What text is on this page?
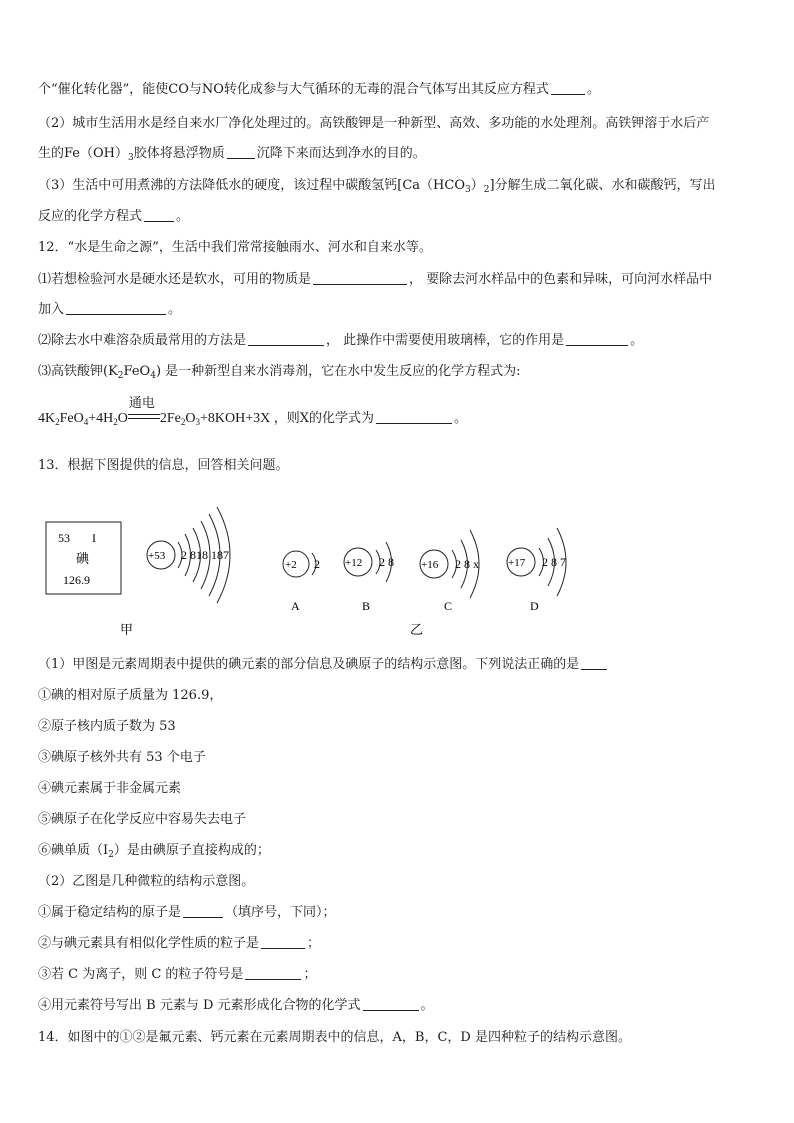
个“催化转化器”，能使CO与NO转化成参与大气循环的无毒的混合气体写出其反应方程式	。
（2）城市生活用水是经自来水厂净化处理过的。高铁酸钾是一种新型、高效、多功能的水处理剂。高铁钾溶于水后产
生的$Fe(OH)_3$胶体将悬浮物质 沉降下来而达到净水的目的。
（3）生活中可用煮沸的方法降低水的硬度，该过程中碳酸氢钙$[Ca(HCO_3)_2]$分解生成二氧化碳、水和碳酸钙，写出
反应的化学方程式	。
12．“水是生命之源”，生活中我们常常接触雨水、河水和自来水等。
⑴若想检验河水是硬水还是软水，可用的物质是	， 要除去河水样品中的色素和异味，可向河水样品中
加入	。
⑵除去水中难溶杂质最常用的方法是	， 此操作中需要使用玻璃棒，它的作用是	。
⑶高铁酸钾$(K_2FeO_4)$ 是一种新型自来水消毒剂，它在水中发生反应的化学方程式为:
$4K_2FeO_4+4H_2O$
通电
$2Fe_2O_3+8KOH+3X$ ，则X的化学式为	。
13．根据下图提供的信息，回答相关问题。
53 I
碘
126.9
+53 2 818 187
甲
+2 2
A
+12 2 8
B
+16 2 8 x
C
+17 2 8 7
D
乙
（1）甲图是元素周期表中提供的碘元素的部分信息及碘原子的结构示意图。下列说法正确的是
①碘的相对原子质量为 126.9，
②原子核内质子数为 53
③碘原子核外共有 53 个电子
④碘元素属于非金属元素
⑤碘原子在化学反应中容易失去电子
⑥碘单质$(I_2)$是由碘原子直接构成的；
（2）乙图是几种微粒的结构示意图。
①属于稳定结构的原子是	（填序号，下同）；
②与碘元素具有相似化学性质的粒子是	；
③若 C 为离子，则 C 的粒子符号是	；
④用元素符号写出 B 元素与 D 元素形成化合物的化学式	。
14．如图中的①②是氟元素、钙元素在元素周期表中的信息，A，B，C，D 是四种粒子的结构示意图。
